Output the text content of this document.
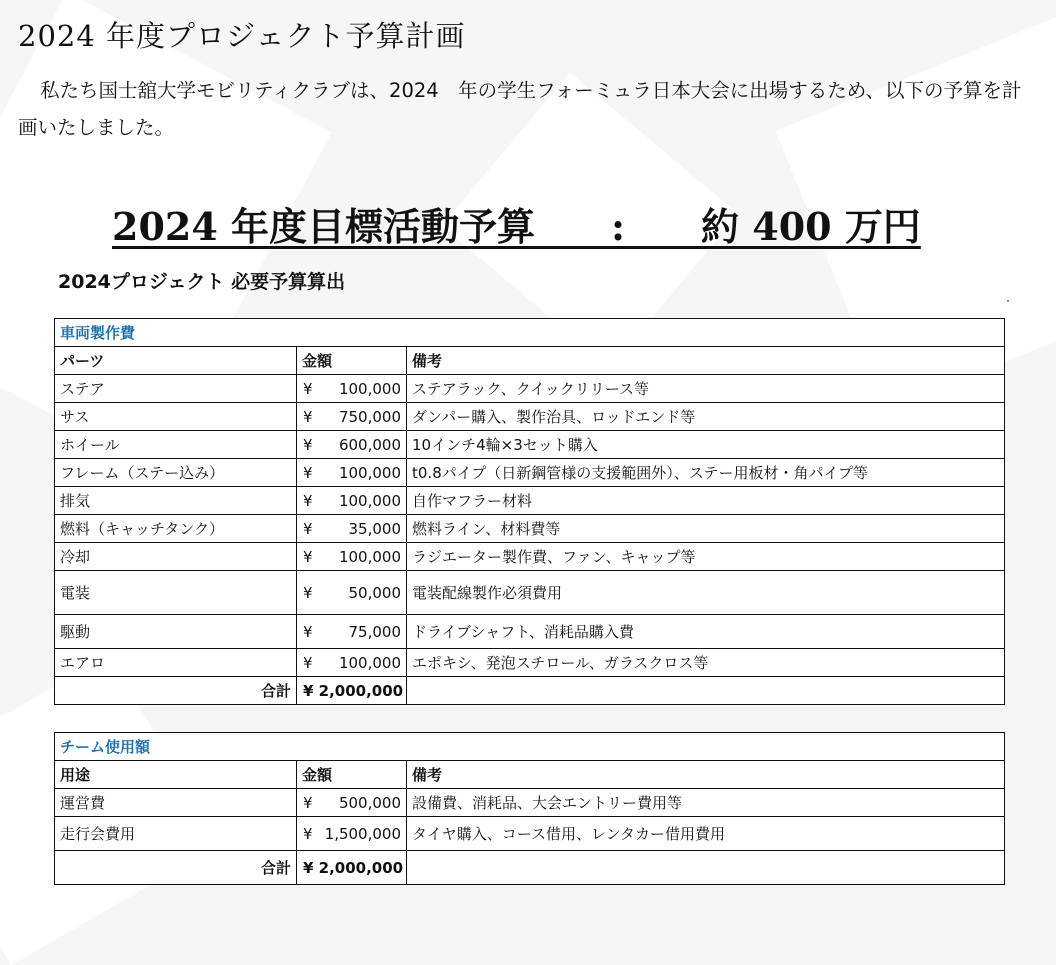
2024 年度プロジェクト予算計画
私たち国士舘大学モビリティクラブは、2024　年の学生フォーミュラ日本大会に出場するため、以下の予算を計画いたしました。
2024 年度目標活動予算　　:　　約 400 万円
2024プロジェクト 必要予算算出
車両製作費		
パーツ	金額	備考
ステア	¥ 100,000	ステアラック、クイックリリース等
サス	¥ 750,000	ダンパー購入、製作治具、ロッドエンド等
ホイール	¥ 600,000	10インチ4輪×3セット購入
フレーム（ステー込み）	¥ 100,000	t0.8パイプ（日新鋼管様の支援範囲外）、ステー用板材・角パイプ等
排気	¥ 100,000	自作マフラー材料
燃料（キャッチタンク）	¥ 35,000	燃料ライン、材料費等
冷却	¥ 100,000	ラジエーター製作費、ファン、キャップ等
電装	¥ 50,000	電装配線製作必須費用
駆動	¥ 75,000	ドライブシャフト、消耗品購入費
エアロ	¥ 100,000	エポキシ、発泡スチロール、ガラスクロス等
合計	¥ 2,000,000	
チーム使用額		
用途	金額	備考
運営費	¥ 500,000	設備費、消耗品、大会エントリー費用等
走行会費用	¥ 1,500,000	タイヤ購入、コース借用、レンタカー借用費用
合計	¥ 2,000,000	
